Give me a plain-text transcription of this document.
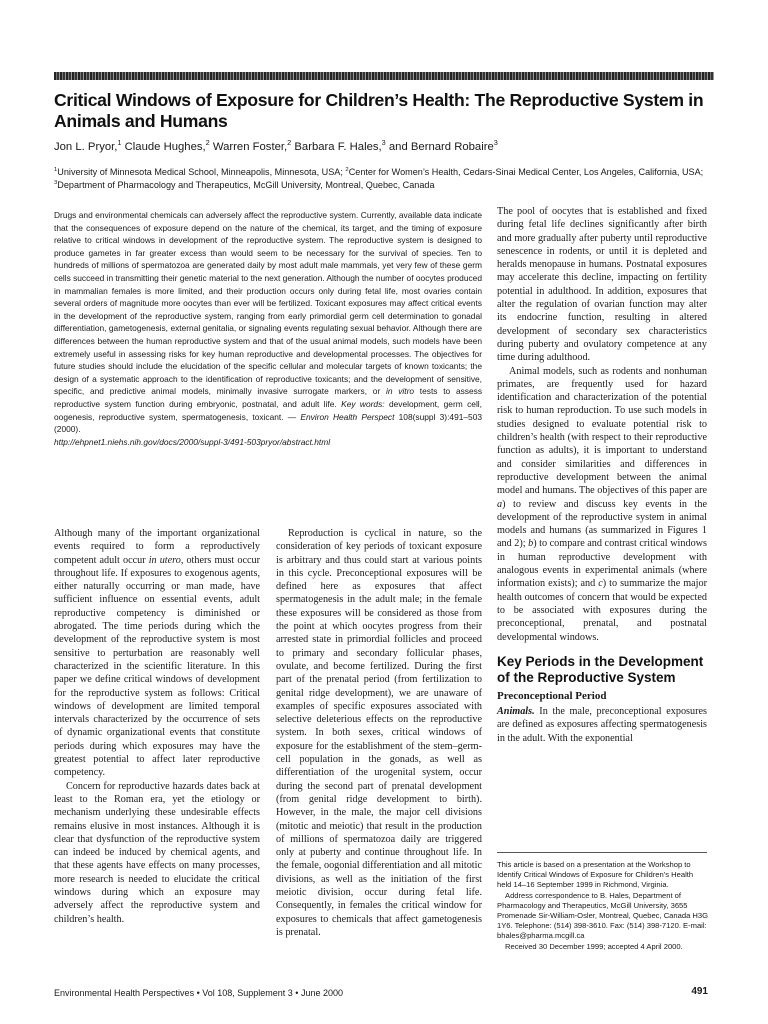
Critical Windows of Exposure for Children’s Health: The Reproductive System in Animals and Humans
Jon L. Pryor,$^1$ Claude Hughes,$^2$ Warren Foster,$^2$ Barbara F. Hales,$^3$ and Bernard Robaire$^3$
$^1$University of Minnesota Medical School, Minneapolis, Minnesota, USA; $^2$Center for Women’s Health, Cedars-Sinai Medical Center, Los Angeles, California, USA; $^3$Department of Pharmacology and Therapeutics, McGill University, Montreal, Quebec, Canada

Drugs and environmental chemicals can adversely affect the reproductive system. Currently, available data indicate that the consequences of exposure depend on the nature of the chemical, its target, and the timing of exposure relative to critical windows in development of the reproductive system. The reproductive system is designed to produce gametes in far greater excess than would seem to be necessary for the survival of species. Ten to hundreds of millions of spermatozoa are generated daily by most adult male mammals, yet very few of these germ cells succeed in transmitting their genetic material to the next generation. Although the number of oocytes produced in mammalian females is more limited, and their production occurs only during fetal life, most ovaries contain several orders of magnitude more oocytes than ever will be fertilized. Toxicant exposures may affect critical events in the development of the reproductive system, ranging from early primordial germ cell determination to gonadal differentiation, gametogenesis, external genitalia, or signaling events regulating sexual behavior. Although there are differences between the human reproductive system and that of the usual animal models, such models have been extremely useful in assessing risks for key human reproductive and developmental processes. The objectives for future studies should include the elucidation of the specific cellular and molecular targets of known toxicants; the design of a systematic approach to the identification of reproductive toxicants; and the development of sensitive, specific, and predictive animal models, minimally invasive surrogate markers, or in vitro tests to assess reproductive system function during embryonic, postnatal, and adult life. Key words: development, germ cell, oogenesis, reproductive system, spermatogenesis, toxicant. — Environ Health Perspect 108(suppl 3):491–503 (2000).
http://ehpnet1.niehs.nih.gov/docs/2000/suppl-3/491-503pryor/abstract.html

Although many of the important organizational events required to form a reproductively competent adult occur in utero, others must occur throughout life. If exposures to exogenous agents, either naturally occurring or man made, have sufficient influence on essential events, adult reproductive competency is diminished or abrogated. The time periods during which the development of the reproductive system is most sensitive to perturbation are reasonably well characterized in the scientific literature. In this paper we define critical windows of development for the reproductive system as follows: Critical windows of development are limited temporal intervals characterized by the occurrence of sets of dynamic organizational events that constitute periods during which exposures may have the greatest potential to affect later reproductive competency.

Concern for reproductive hazards dates back at least to the Roman era, yet the etiology or mechanism underlying these undesirable effects remains elusive in most instances. Although it is clear that dysfunction of the reproductive system can indeed be induced by chemical agents, and that these agents have effects on many processes, more research is needed to elucidate the critical windows during which an exposure may adversely affect the reproductive system and children’s health.

Reproduction is cyclical in nature, so the consideration of key periods of toxicant exposure is arbitrary and thus could start at various points in this cycle. Preconceptional exposures will be defined here as exposures that affect spermatogenesis in the adult male; in the female these exposures will be considered as those from the point at which oocytes progress from their arrested state in primordial follicles and proceed to primary and secondary follicular phases, ovulate, and become fertilized. During the first part of the prenatal period (from fertilization to genital ridge development), we are unaware of examples of specific exposures associated with selective deleterious effects on the reproductive system. In both sexes, critical windows of exposure for the establishment of the stem–germ-cell population in the gonads, as well as differentiation of the urogenital system, occur during the second part of prenatal development (from genital ridge development to birth). However, in the male, the major cell divisions (mitotic and meiotic) that result in the production of millions of spermatozoa daily are triggered only at puberty and continue throughout life. In the female, oogonial differentiation and all mitotic divisions, as well as the initiation of the first meiotic division, occur during fetal life. Consequently, in females the critical window for exposures to chemicals that affect gametogenesis is prenatal.

The pool of oocytes that is established and fixed during fetal life declines significantly after birth and more gradually after puberty until reproductive senescence in rodents, or until it is depleted and heralds menopause in humans. Postnatal exposures may accelerate this decline, impacting on fertility potential in adulthood. In addition, exposures that alter the regulation of ovarian function may alter its endocrine function, resulting in altered development of secondary sex characteristics during puberty and ovulatory competence at any time during adulthood.

Animal models, such as rodents and nonhuman primates, are frequently used for hazard identification and characterization of the potential risk to human reproduction. To use such models in studies designed to evaluate potential risk to children’s health (with respect to their reproductive function as adults), it is important to understand and consider similarities and differences in reproductive development between the animal model and humans. The objectives of this paper are a) to review and discuss key events in the development of the reproductive system in animal models and humans (as summarized in Figures 1 and 2); b) to compare and contrast critical windows in human reproductive development with analogous events in experimental animals (where information exists); and c) to summarize the major health outcomes of concern that would be expected to be associated with exposures during the preconceptional, prenatal, and postnatal developmental windows.

Key Periods in the Development of the Reproductive System
Preconceptional Period

Animals. In the male, preconceptional exposures are defined as exposures affecting spermatogenesis in the adult. With the exponential

This article is based on a presentation at the Workshop to Identify Critical Windows of Exposure for Children’s Health held 14–16 September 1999 in Richmond, Virginia.

Address correspondence to B. Hales, Department of Pharmacology and Therapeutics, McGill University, 3655 Promenade Sir-William-Osler, Montreal, Quebec, Canada H3G 1Y6. Telephone: (514) 398-3610. Fax: (514) 398-7120. E-mail: bhales@pharma.mcgill.ca

Received 30 December 1999; accepted 4 April 2000.

Environmental Health Perspectives • Vol 108, Supplement 3 • June 2000	491
